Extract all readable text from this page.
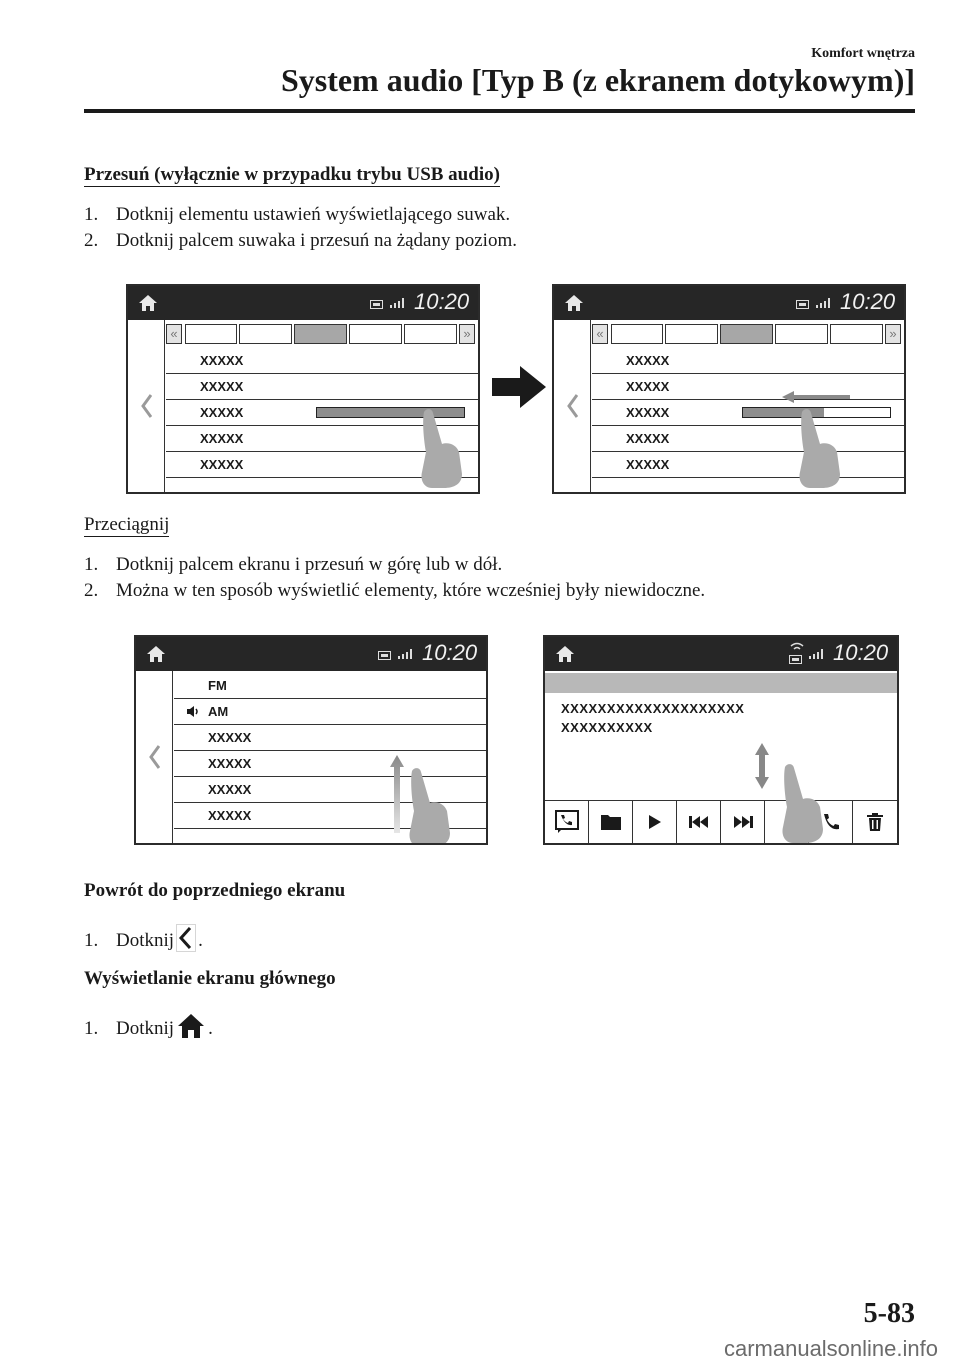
Komfort wnętrza
System audio [Typ B (z ekranem dotykowym)]
Przesuń (wyłącznie w przypadku trybu USB audio)
1. Dotknij elementu ustawień wyświetlającego suwak.
2. Dotknij palcem suwaka i przesuń na żądany poziom.
10:20
«	»
XXXXX
XXXXX
XXXXX
XXXXX
XXXXX
10:20
«	»
XXXXX
XXXXX
XXXXX
XXXXX
XXXXX
Przeciągnij
1. Dotknij palcem ekranu i przesuń w górę lub w dół.
2. Można w ten sposób wyświetlić elementy, które wcześniej były niewidoczne.
10:20
FM
AM
XXXXX
XXXXX
XXXXX
XXXXX
10:20
XXXXXXXXXXXXXXXXXXXX
XXXXXXXXXX
Powrót do poprzedniego ekranu
1. Dotknij .
Wyświetlanie ekranu głównego
1. Dotknij .
5-83
carmanualsonline.info
